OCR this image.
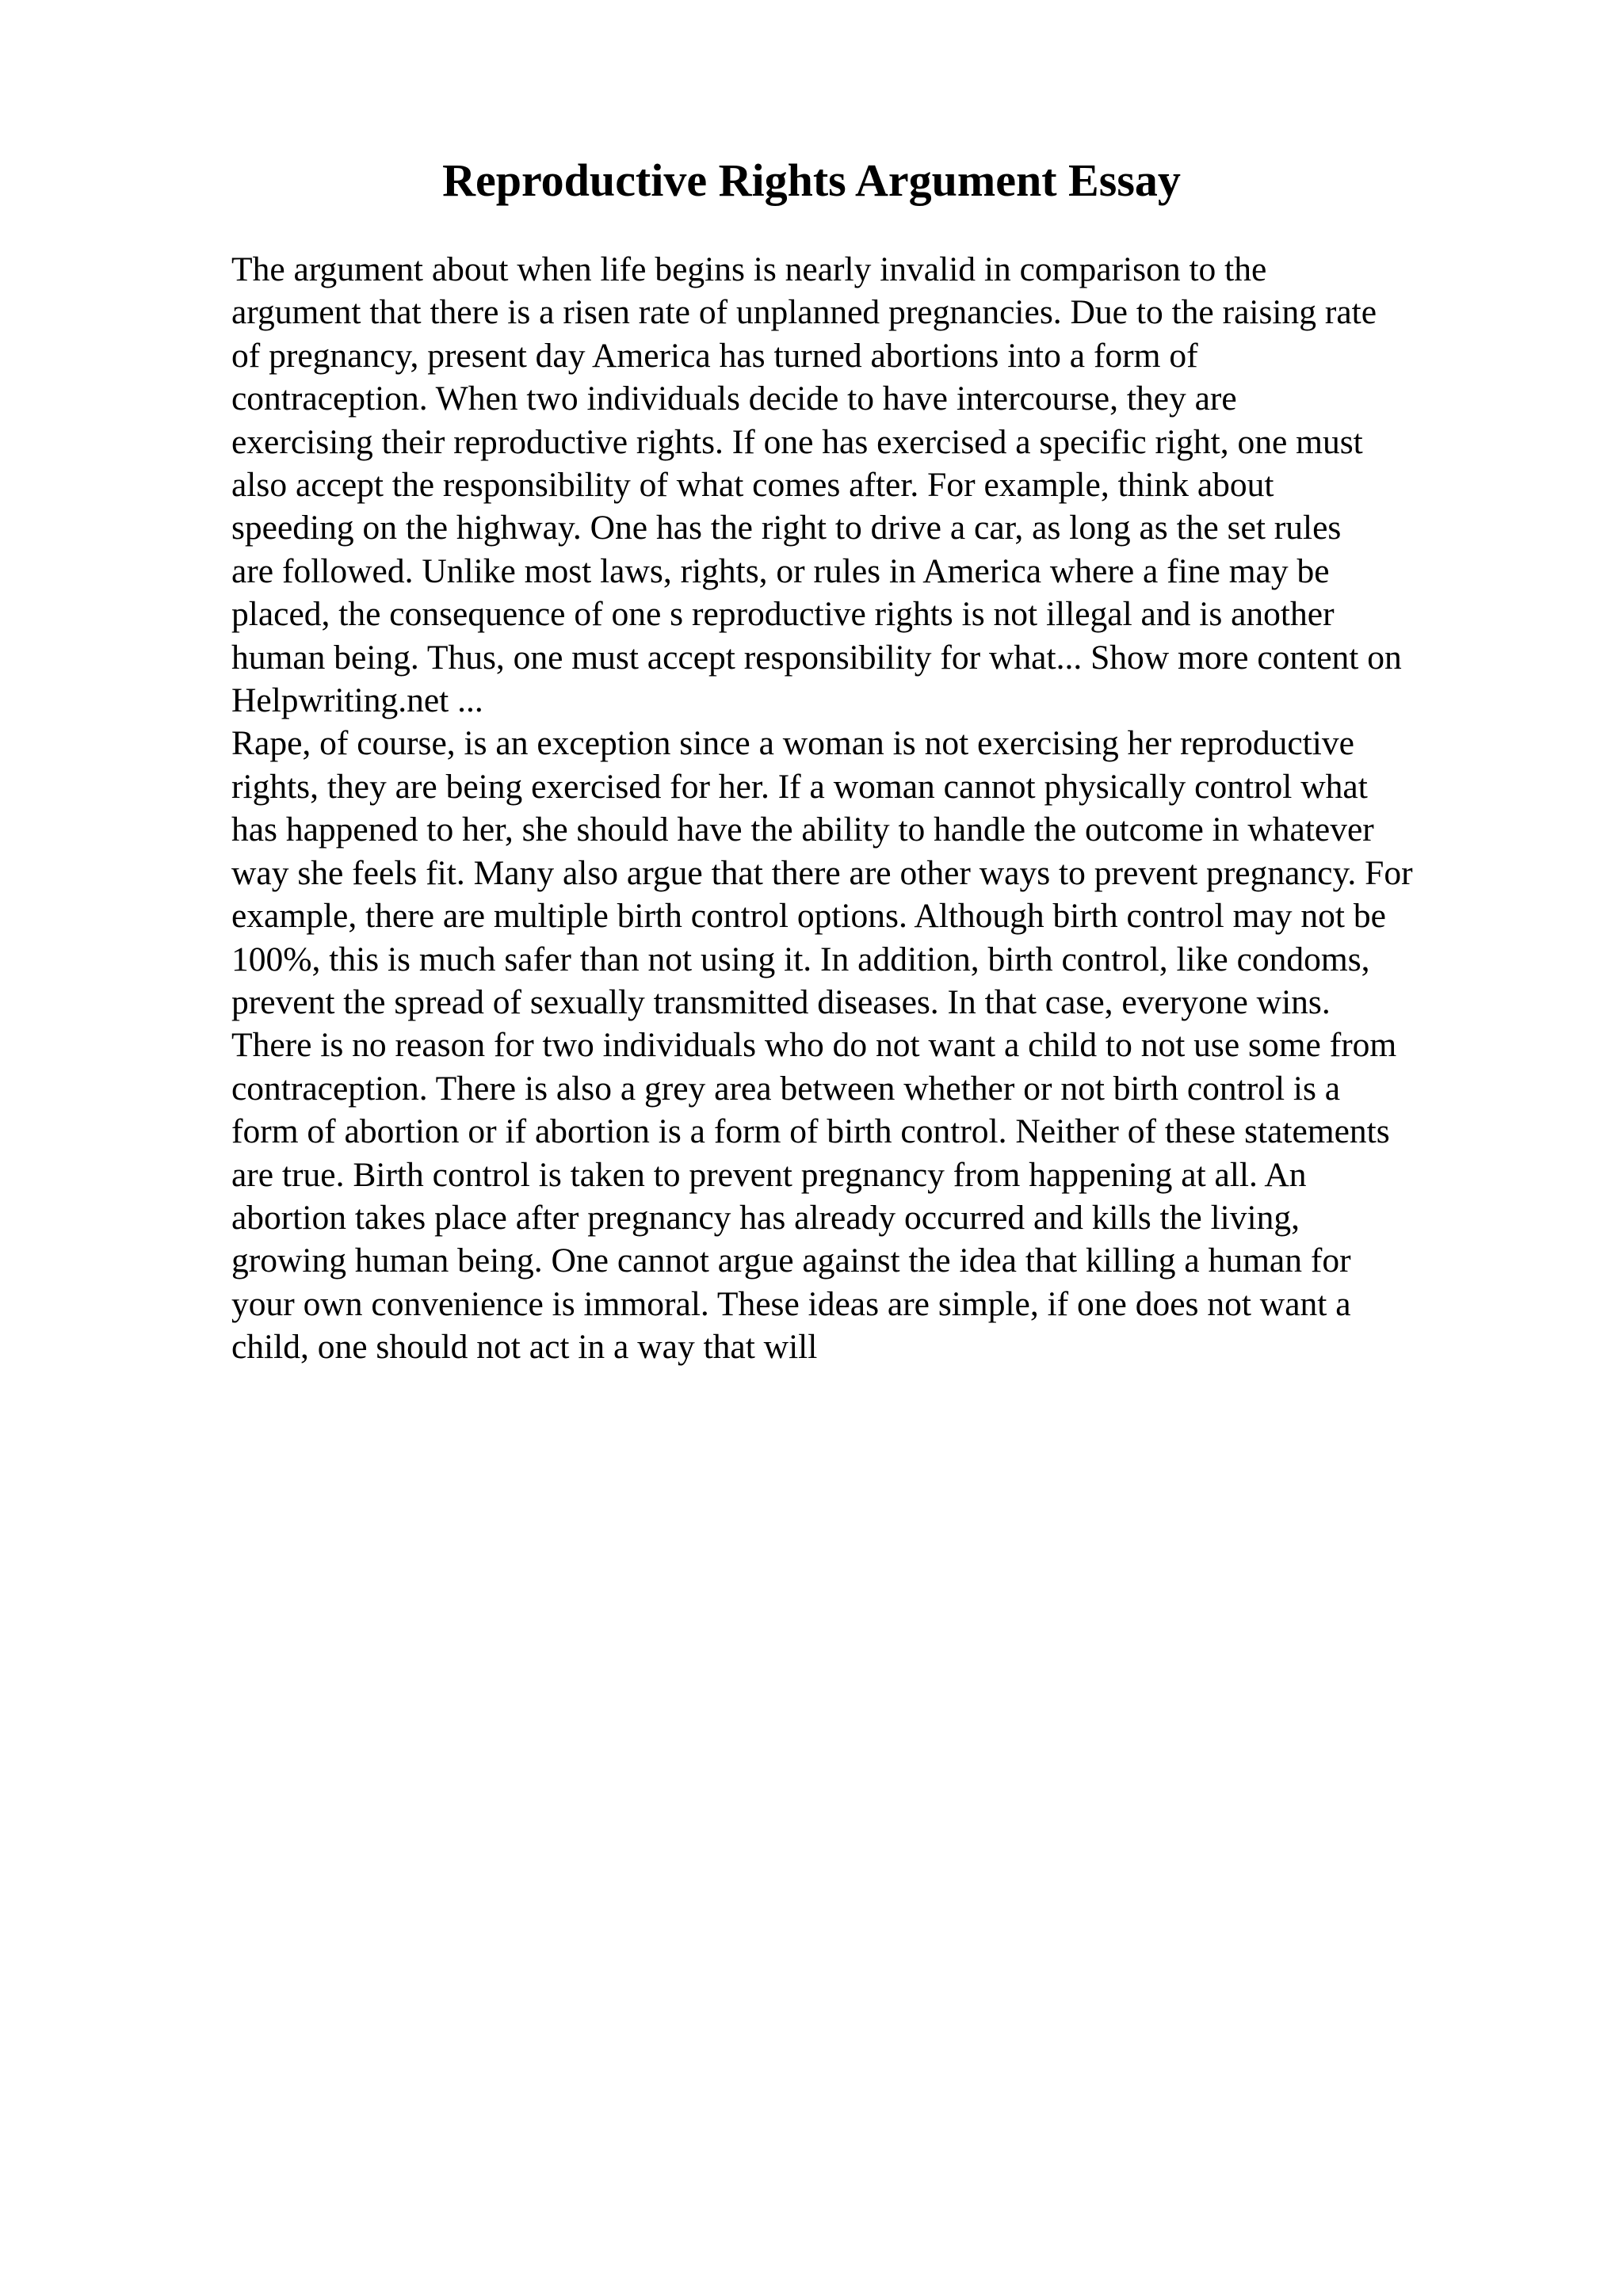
Reproductive Rights Argument Essay
The argument about when life begins is nearly invalid in comparison to the
argument that there is a risen rate of unplanned pregnancies. Due to the raising rate
of pregnancy, present day America has turned abortions into a form of
contraception. When two individuals decide to have intercourse, they are
exercising their reproductive rights. If one has exercised a specific right, one must
also accept the responsibility of what comes after. For example, think about
speeding on the highway. One has the right to drive a car, as long as the set rules
are followed. Unlike most laws, rights, or rules in America where a fine may be
placed, the consequence of one s reproductive rights is not illegal and is another
human being. Thus, one must accept responsibility for what... Show more content on
Helpwriting.net ...
Rape, of course, is an exception since a woman is not exercising her reproductive
rights, they are being exercised for her. If a woman cannot physically control what
has happened to her, she should have the ability to handle the outcome in whatever
way she feels fit. Many also argue that there are other ways to prevent pregnancy. For
example, there are multiple birth control options. Although birth control may not be
100%, this is much safer than not using it. In addition, birth control, like condoms,
prevent the spread of sexually transmitted diseases. In that case, everyone wins.
There is no reason for two individuals who do not want a child to not use some from
contraception. There is also a grey area between whether or not birth control is a
form of abortion or if abortion is a form of birth control. Neither of these statements
are true. Birth control is taken to prevent pregnancy from happening at all. An
abortion takes place after pregnancy has already occurred and kills the living,
growing human being. One cannot argue against the idea that killing a human for
your own convenience is immoral. These ideas are simple, if one does not want a
child, one should not act in a way that will
